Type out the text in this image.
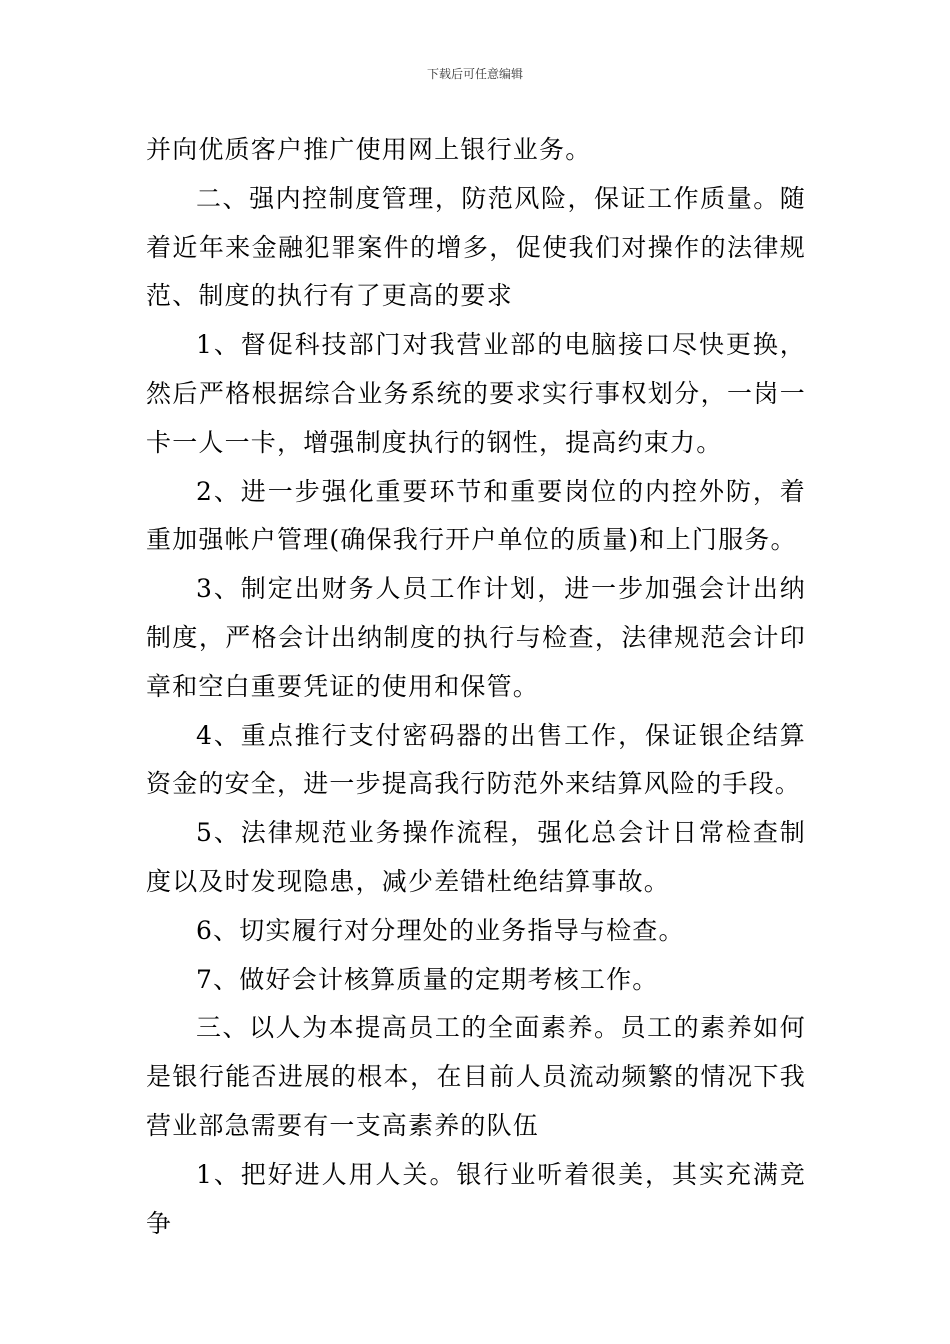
下载后可任意编辑

并向优质客户推广使用网上银行业务。

二、强内控制度管理，防范风险，保证工作质量。随着近年来金融犯罪案件的增多，促使我们对操作的法律规范、制度的执行有了更高的要求

1、督促科技部门对我营业部的电脑接口尽快更换，然后严格根据综合业务系统的要求实行事权划分，一岗一卡一人一卡，增强制度执行的钢性，提高约束力。

2、进一步强化重要环节和重要岗位的内控外防，着重加强帐户管理(确保我行开户单位的质量)和上门服务。

3、制定出财务人员工作计划，进一步加强会计出纳制度，严格会计出纳制度的执行与检查，法律规范会计印章和空白重要凭证的使用和保管。

4、重点推行支付密码器的出售工作，保证银企结算资金的安全，进一步提高我行防范外来结算风险的手段。

5、法律规范业务操作流程，强化总会计日常检查制度以及时发现隐患，减少差错杜绝结算事故。

6、切实履行对分理处的业务指导与检查。

7、做好会计核算质量的定期考核工作。

三、以人为本提高员工的全面素养。员工的素养如何是银行能否进展的根本，在目前人员流动频繁的情况下我营业部急需要有一支高素养的队伍

1、把好进人用人关。银行业听着很美，其实充满竞争
